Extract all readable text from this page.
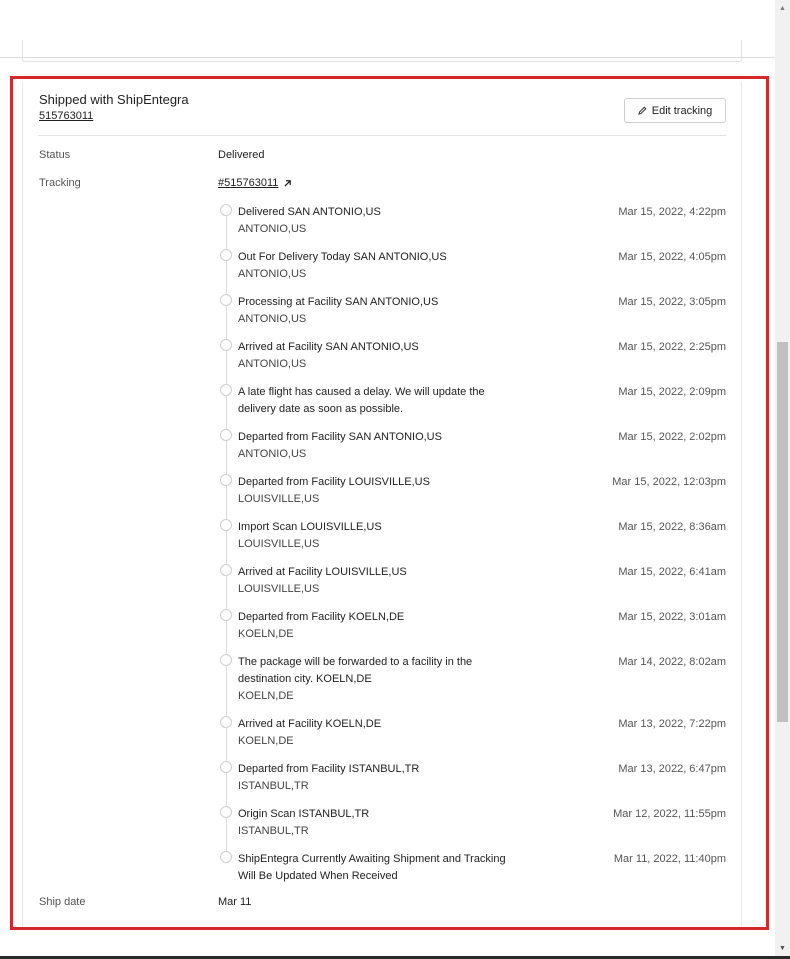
Shipped with ShipEntegra
515763011	Edit tracking
Status	Delivered
Tracking	#515763011
Delivered SAN ANTONIO,US
ANTONIO,US
Mar 15, 2022, 4:22pm
Out For Delivery Today SAN ANTONIO,US
ANTONIO,US
Mar 15, 2022, 4:05pm
Processing at Facility SAN ANTONIO,US
ANTONIO,US
Mar 15, 2022, 3:05pm
Arrived at Facility SAN ANTONIO,US
ANTONIO,US
Mar 15, 2022, 2:25pm
A late flight has caused a delay. We will update the delivery date as soon as possible.
Mar 15, 2022, 2:09pm
Departed from Facility SAN ANTONIO,US
ANTONIO,US
Mar 15, 2022, 2:02pm
Departed from Facility LOUISVILLE,US
LOUISVILLE,US
Mar 15, 2022, 12:03pm
Import Scan LOUISVILLE,US
LOUISVILLE,US
Mar 15, 2022, 8:36am
Arrived at Facility LOUISVILLE,US
LOUISVILLE,US
Mar 15, 2022, 6:41am
Departed from Facility KOELN,DE
KOELN,DE
Mar 15, 2022, 3:01am
The package will be forwarded to a facility in the destination city. KOELN,DE
KOELN,DE
Mar 14, 2022, 8:02am
Arrived at Facility KOELN,DE
KOELN,DE
Mar 13, 2022, 7:22pm
Departed from Facility ISTANBUL,TR
ISTANBUL,TR
Mar 13, 2022, 6:47pm
Origin Scan ISTANBUL,TR
ISTANBUL,TR
Mar 12, 2022, 11:55pm
ShipEntegra Currently Awaiting Shipment and Tracking Will Be Updated When Received
Mar 11, 2022, 11:40pm
Ship date	Mar 11
▲
▼
